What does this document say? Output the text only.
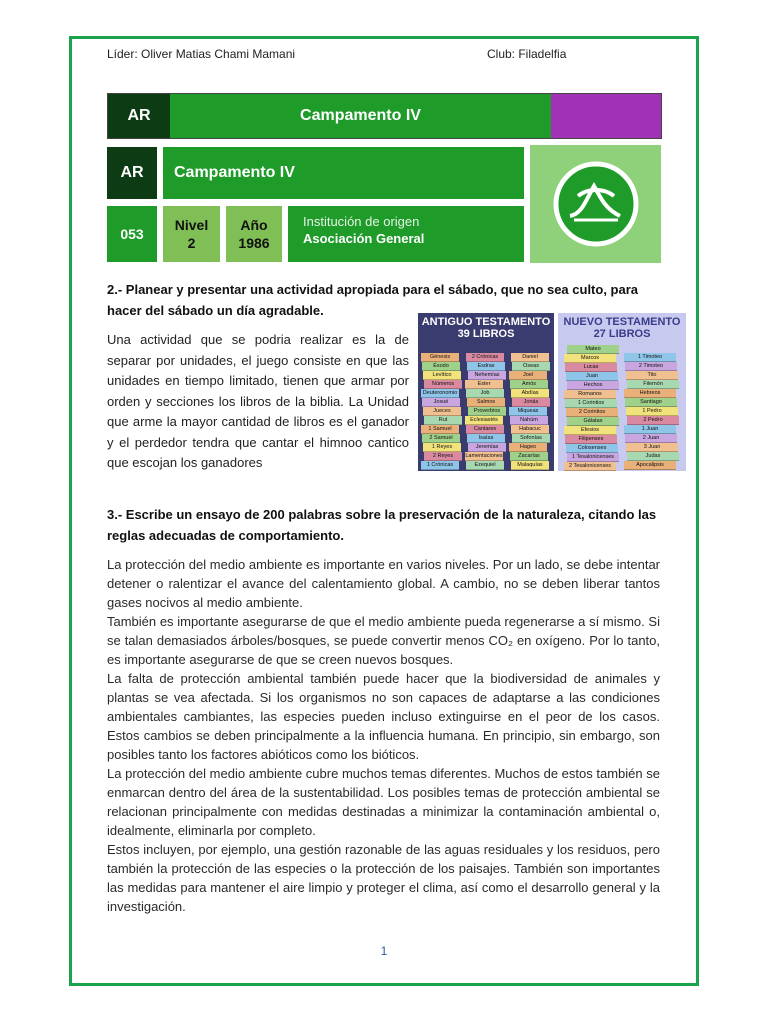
Líder: Oliver Matias Chami Mamani	Club: Filadelfia
AR	Campamento IV
AR	Campamento IV
053
Nivel
2
Año
1986
Institución de origen
Asociación General
2.- Planear y presentar una actividad apropiada para el sábado, que no sea culto, para hacer del sábado un día agradable.
Una actividad que se podria realizar es la de separar por unidades, el juego consiste en que las unidades en tiempo limitado, tienen que armar por orden y secciones los libros de la biblia. La Unidad que arme la mayor cantidad de libros es el ganador y el perdedor tendra que cantar el himnoo cantico que escojan los ganadores
ANTIGUO TESTAMENTO
39 LIBROS
Génesis
Éxodo
Levítico
Números
Deuteronomio
Josué
Jueces
Rut
1 Samuel
2 Samuel
1 Reyes
2 Reyes
1 Crónicas
2 Crónicas
Esdras
Nehemías
Ester
Job
Salmos
Proverbios
Eclesiastés
Cantares
Isaías
Jeremías
Lamentaciones
Ezequiel
Daniel
Oseas
Joel
Amós
Abdías
Jonás
Miqueas
Nahúm
Habacuc
Sofonías
Hageo
Zacarías
Malaquías
NUEVO TESTAMENTO
27 LIBROS
Mateo
Marcos
Lucas
Juan
Hechos
Romanos
1 Corintios
2 Corintios
Gálatas
Efesios
Filipenses
Colosenses
1 Tesalonicenses
2 Tesalonicenses
1 Timoteo
2 Timoteo
Tito
Filemón
Hebreos
Santiago
1 Pedro
2 Pedro
1 Juan
2 Juan
3 Juan
Judas
Apocalipsis
3.- Escribe un ensayo de 200 palabras sobre la preservación de la naturaleza, citando las reglas adecuadas de comportamiento.

La protección del medio ambiente es importante en varios niveles. Por un lado, se debe intentar detener o ralentizar el avance del calentamiento global. A cambio, no se deben liberar tantos gases nocivos al medio ambiente.

También es importante asegurarse de que el medio ambiente pueda regenerarse a sí mismo. Si se talan demasiados árboles/bosques, se puede convertir menos CO₂ en oxígeno. Por lo tanto, es importante asegurarse de que se creen nuevos bosques.

La falta de protección ambiental también puede hacer que la biodiversidad de animales y plantas se vea afectada. Si los organismos no son capaces de adaptarse a las condiciones ambientales cambiantes, las especies pueden incluso extinguirse en el peor de los casos. Estos cambios se deben principalmente a la influencia humana. En principio, sin embargo, son posibles tanto los factores abióticos como los bióticos.

La protección del medio ambiente cubre muchos temas diferentes. Muchos de estos también se enmarcan dentro del área de la sustentabilidad. Los posibles temas de protección ambiental se relacionan principalmente con medidas destinadas a minimizar la contaminación ambiental o, idealmente, eliminarla por completo.

Estos incluyen, por ejemplo, una gestión razonable de las aguas residuales y los residuos, pero también la protección de las especies o la protección de los paisajes. También son importantes las medidas para mantener el aire limpio y proteger el clima, así como el desarrollo general y la investigación.

1
